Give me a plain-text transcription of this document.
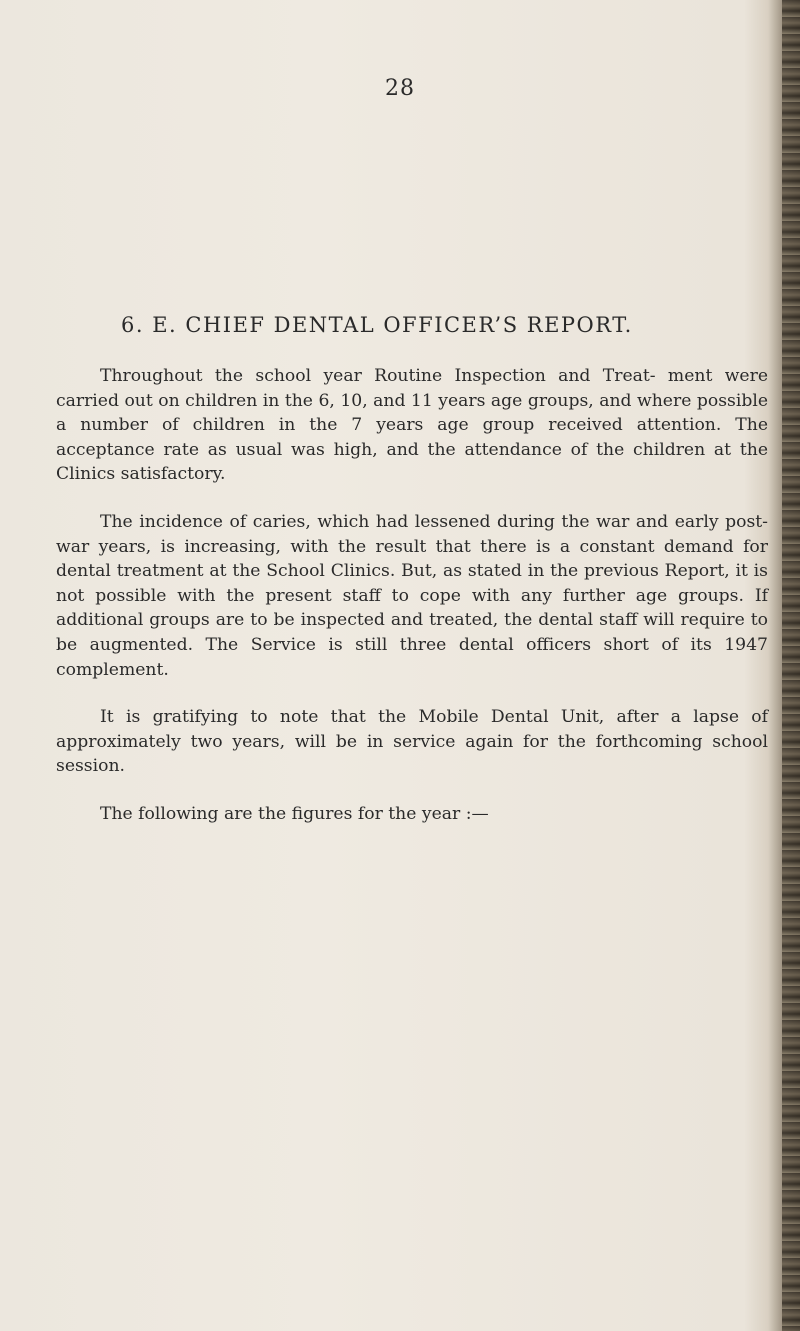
28
6. E. CHIEF DENTAL OFFICER’S REPORT.

Throughout the school year Routine Inspection and Treat- ment were carried out on children in the 6, 10, and 11 years age groups, and where possible a number of children in the 7 years age group received attention. The acceptance rate as usual was high, and the attendance of the children at the Clinics satisfactory.

The incidence of caries, which had lessened during the war and early post-war years, is increasing, with the result that there is a constant demand for dental treatment at the School Clinics. But, as stated in the previous Report, it is not possible with the present staff to cope with any further age groups. If additional groups are to be inspected and treated, the dental staff will require to be augmented. The Service is still three dental officers short of its 1947 complement.

It is gratifying to note that the Mobile Dental Unit, after a lapse of approximately two years, will be in service again for the forthcoming school session.

The following are the figures for the year :—
